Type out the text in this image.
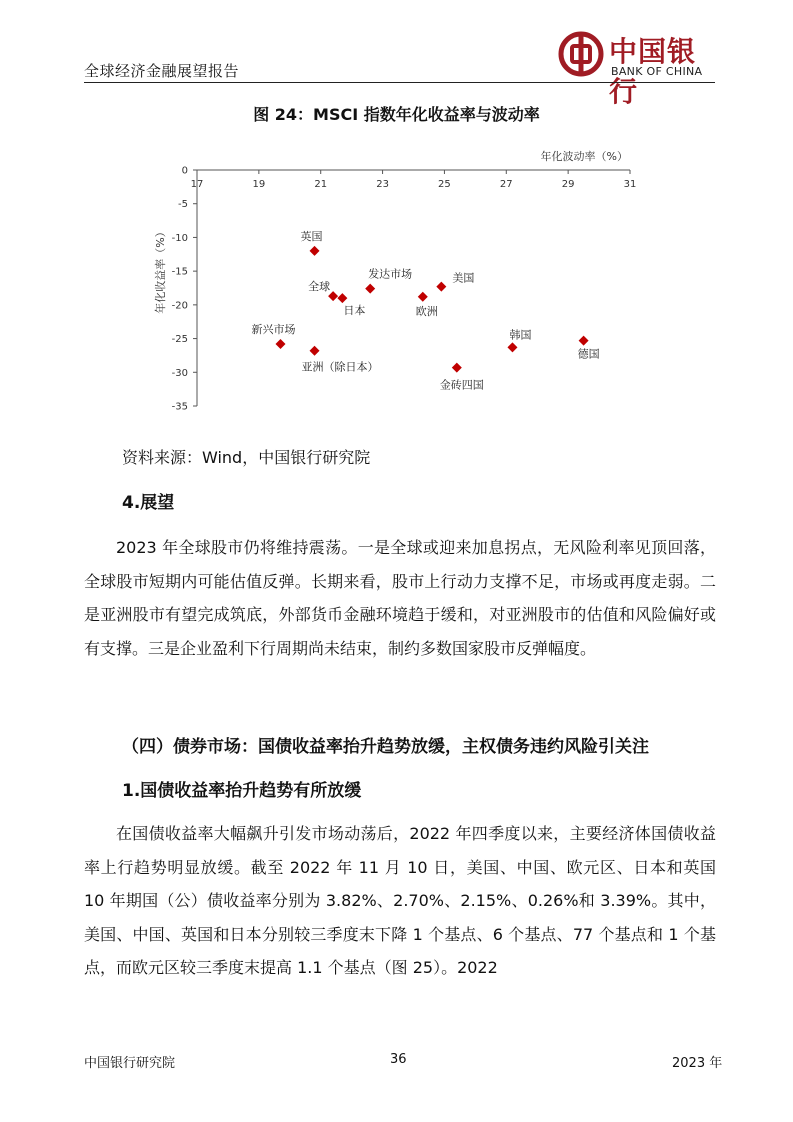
全球经济金融展望报告
中国银行
BANK OF CHINA
图 24：MSCI 指数年化收益率与波动率
17	19	21	23	25	27	29	31
0
-5
-10
-15
-20
-25
-30
-35
年化波动率（%）
年化收益率（%）	英国
全球
日本
发达市场
欧洲
美国
新兴市场
亚洲（除日本）
金砖四国
韩国
德国
资料来源：Wind，中国银行研究院
4.展望
2023 年全球股市仍将维持震荡。一是全球或迎来加息拐点，无风险利率见顶回落，全球股市短期内可能估值反弹。长期来看，股市上行动力支撑不足，市场或再度走弱。二是亚洲股市有望完成筑底，外部货币金融环境趋于缓和，对亚洲股市的估值和风险偏好或有支撑。三是企业盈利下行周期尚未结束，制约多数国家股市反弹幅度。
（四）债券市场：国债收益率抬升趋势放缓，主权债务违约风险引关注
1.国债收益率抬升趋势有所放缓
在国债收益率大幅飙升引发市场动荡后，2022 年四季度以来，主要经济体国债收益率上行趋势明显放缓。截至 2022 年 11 月 10 日，美国、中国、欧元区、日本和英国 10 年期国（公）债收益率分别为 3.82%、2.70%、2.15%、0.26%和 3.39%。其中，美国、中国、英国和日本分别较三季度末下降 1 个基点、6 个基点、77 个基点和 1 个基点，而欧元区较三季度末提高 1.1 个基点（图 25）。2022
中国银行研究院	36	2023 年
